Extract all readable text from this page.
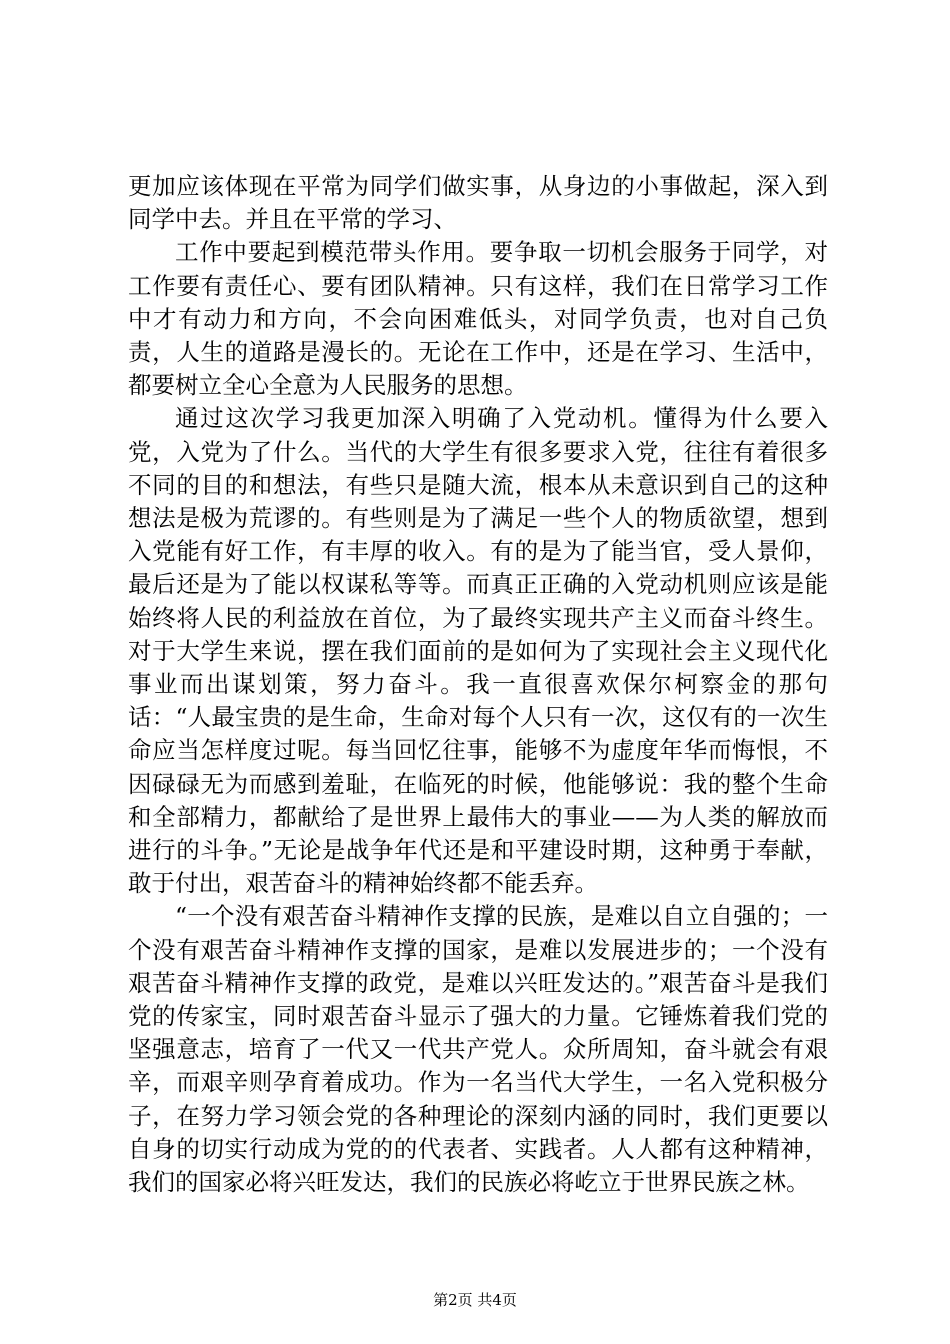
更加应该体现在平常为同学们做实事，从身边的小事做起，深入到同学中去。并且在平常的学习、

工作中要起到模范带头作用。要争取一切机会服务于同学，对工作要有责任心、要有团队精神。只有这样，我们在日常学习工作中才有动力和方向，不会向困难低头，对同学负责，也对自己负责，人生的道路是漫长的。无论在工作中，还是在学习、生活中，都要树立全心全意为人民服务的思想。

通过这次学习我更加深入明确了入党动机。懂得为什么要入党，入党为了什么。当代的大学生有很多要求入党，往往有着很多不同的目的和想法，有些只是随大流，根本从未意识到自己的这种想法是极为荒谬的。有些则是为了满足一些个人的物质欲望，想到入党能有好工作，有丰厚的收入。有的是为了能当官，受人景仰，最后还是为了能以权谋私等等。而真正正确的入党动机则应该是能始终将人民的利益放在首位，为了最终实现共产主义而奋斗终生。对于大学生来说，摆在我们面前的是如何为了实现社会主义现代化事业而出谋划策，努力奋斗。我一直很喜欢保尔柯察金的那句话：“人最宝贵的是生命，生命对每个人只有一次，这仅有的一次生命应当怎样度过呢。每当回忆往事，能够不为虚度年华而悔恨，不因碌碌无为而感到羞耻，在临死的时候，他能够说：我的整个生命和全部精力，都献给了是世界上最伟大的事业——为人类的解放而进行的斗争。”无论是战争年代还是和平建设时期，这种勇于奉献，敢于付出，艰苦奋斗的精神始终都不能丢弃。

“一个没有艰苦奋斗精神作支撑的民族，是难以自立自强的；一个没有艰苦奋斗精神作支撑的国家，是难以发展进步的；一个没有艰苦奋斗精神作支撑的政党，是难以兴旺发达的。”艰苦奋斗是我们党的传家宝，同时艰苦奋斗显示了强大的力量。它锤炼着我们党的坚强意志，培育了一代又一代共产党人。众所周知，奋斗就会有艰辛，而艰辛则孕育着成功。作为一名当代大学生，一名入党积极分子，在努力学习领会党的各种理论的深刻内涵的同时，我们更要以自身的切实行动成为党的的代表者、实践者。人人都有这种精神，我们的国家必将兴旺发达，我们的民族必将屹立于世界民族之林。

第2页 共4页
